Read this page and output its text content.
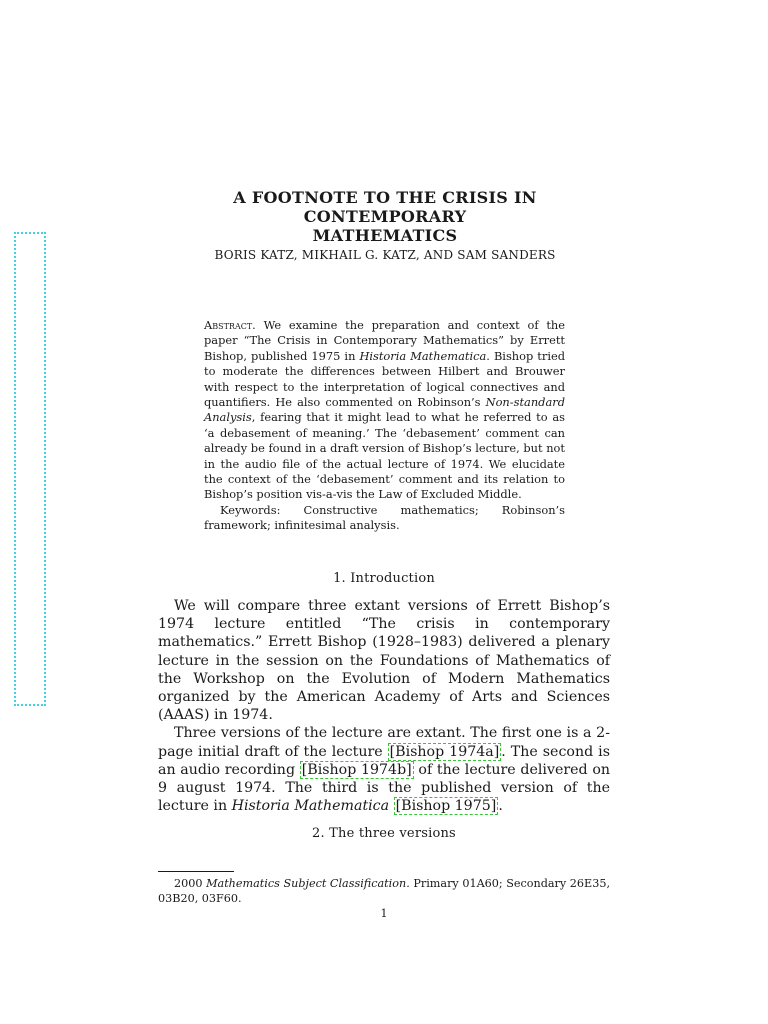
A FOOTNOTE TO THE CRISIS IN CONTEMPORARY
MATHEMATICS
BORIS KATZ, MIKHAIL G. KATZ, AND SAM SANDERS

Abstract. We examine the preparation and context of the paper “The Crisis in Contemporary Mathematics” by Errett Bishop, published 1975 in Historia Mathematica. Bishop tried to moderate the differences between Hilbert and Brouwer with respect to the interpretation of logical connectives and quantifiers. He also commented on Robinson’s Non-standard Analysis, fearing that it might lead to what he referred to as ‘a debasement of meaning.’ The ‘debasement’ comment can already be found in a draft version of Bishop’s lecture, but not in the audio file of the actual lecture of 1974. We elucidate the context of the ‘debasement’ comment and its relation to Bishop’s position vis-a-vis the Law of Excluded Middle.

Keywords: Constructive mathematics; Robinson’s framework; infinitesimal analysis.

1. Introduction

We will compare three extant versions of Errett Bishop’s 1974 lecture entitled “The crisis in contemporary mathematics.” Errett Bishop (1928–1983) delivered a plenary lecture in the session on the Foundations of Mathematics of the Workshop on the Evolution of Modern Mathematics organized by the American Academy of Arts and Sciences (AAAS) in 1974.

Three versions of the lecture are extant. The first one is a 2-page initial draft of the lecture [Bishop 1974a] . The second is an audio recording [Bishop 1974b] of the lecture delivered on 9 august 1974. The third is the published version of the lecture in Historia Mathematica [Bishop 1975] .

2. The three versions
2000 Mathematics Subject Classification. Primary 01A60; Secondary 26E35, 03B20, 03F60.
1
